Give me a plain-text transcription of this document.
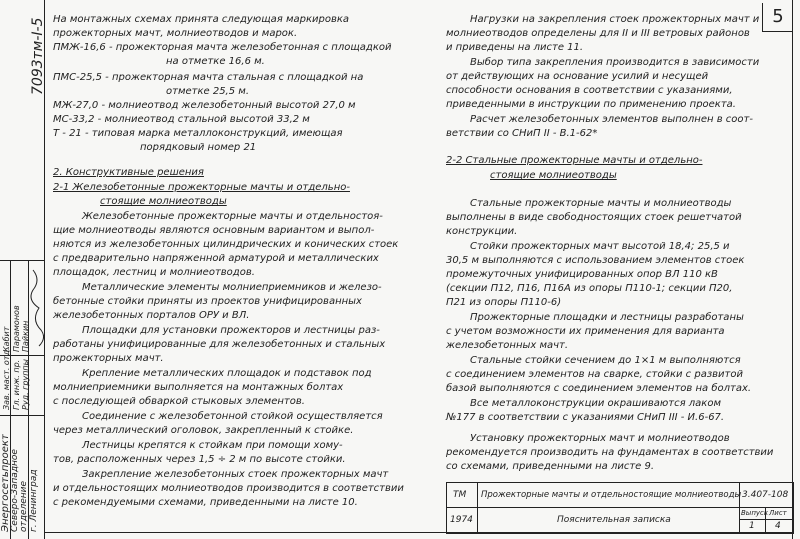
5
7093тм-I-5
Энергосетьпроект Северо-Западное отделение г. Ленинград
Зав. маст. отд. Гл. инж. пр. Руд. группы
Кабит Парамонов Пайкин
На монтажных схемах принята следующая маркировка
прожекторных мачт, молниеотводов и марок.
ПМЖ-16,6 - прожекторная мачта железобетонная с площадкой
на отметке 16,6 м.
ПМС-25,5 - прожекторная мачта стальная с площадкой на
отметке 25,5 м.
МЖ-27,0 - молниеотвод железобетонный высотой 27,0 м
МС-33,2 - молниеотвод стальной высотой 33,2 м
Т - 21 - типовая марка металлоконструкций, имеющая
порядковый номер 21
2. Конструктивные решения
2-1 Железобетонные прожекторные мачты и отдельно-
стоящие молниеотводы
Железобетонные прожекторные мачты и отдельностоя-
щие молниеотводы являются основным вариантом и выпол-
няются из железобетонных цилиндрических и конических стоек
с предварительно напряженной арматурой и металлических
площадок, лестниц и молниеотводов.
Металлические элементы молниеприемников и железо-
бетонные стойки приняты из проектов унифицированных
железобетонных порталов ОРУ и ВЛ.
Площадки для установки прожекторов и лестницы раз-
работаны унифицированные для железобетонных и стальных
прожекторных мачт.
Крепление металлических площадок и подставок под
молниеприемники выполняется на монтажных болтах
с последующей обваркой стыковых элементов.
Соединение с железобетонной стойкой осуществляется
через металлический оголовок, закрепленный к стойке.
Лестницы крепятся к стойкам при помощи хому-
тов, расположенных через 1,5 ÷ 2 м по высоте стойки.
Закрепление железобетонных стоек прожекторных мачт
и отдельностоящих молниеотводов производится в соответствии
с рекомендуемыми схемами, приведенными на листе 10.
Нагрузки на закрепления стоек прожекторных мачт и
молниеотводов определены для II и III ветровых районов
и приведены на листе 11.
Выбор типа закрепления производится в зависимости
от действующих на основание усилий и несущей
способности основания в соответствии с указаниями,
приведенными в инструкции по применению проекта.
Расчет железобетонных элементов выполнен в соот-
ветствии со СНиП II - В.1-62*
2-2 Стальные прожекторные мачты и отдельно-
стоящие молниеотводы
Стальные прожекторные мачты и молниеотводы
выполнены в виде свободностоящих стоек решетчатой
конструкции.
Стойки прожекторных мачт высотой 18,4; 25,5 и
30,5 м выполняются с использованием элементов стоек
промежуточных унифицированных опор ВЛ 110 кВ
(секции П12, П16, П16А из опоры П110-1; секции П20,
П21 из опоры П110-6)
Прожекторные площадки и лестницы разработаны
с учетом возможности их применения для варианта
железобетонных мачт.
Стальные стойки сечением до 1×1 м выполняются
с соединением элементов на сварке, стойки с развитой
базой выполняются с соединением элементов на болтах.
Все металлоконструкции окрашиваются лаком
№177 в соответствии с указаниями СНиП III - И.6-67.
Установку прожекторных мачт и молниеотводов
рекомендуется производить на фундаментах в соответствии
со схемами, приведенными на листе 9.
ТМ Прожекторные мачты и отдельностоящие молниеотводы 3.407-108
1974	Пояснительная записка
Выпуск Лист
1 4
